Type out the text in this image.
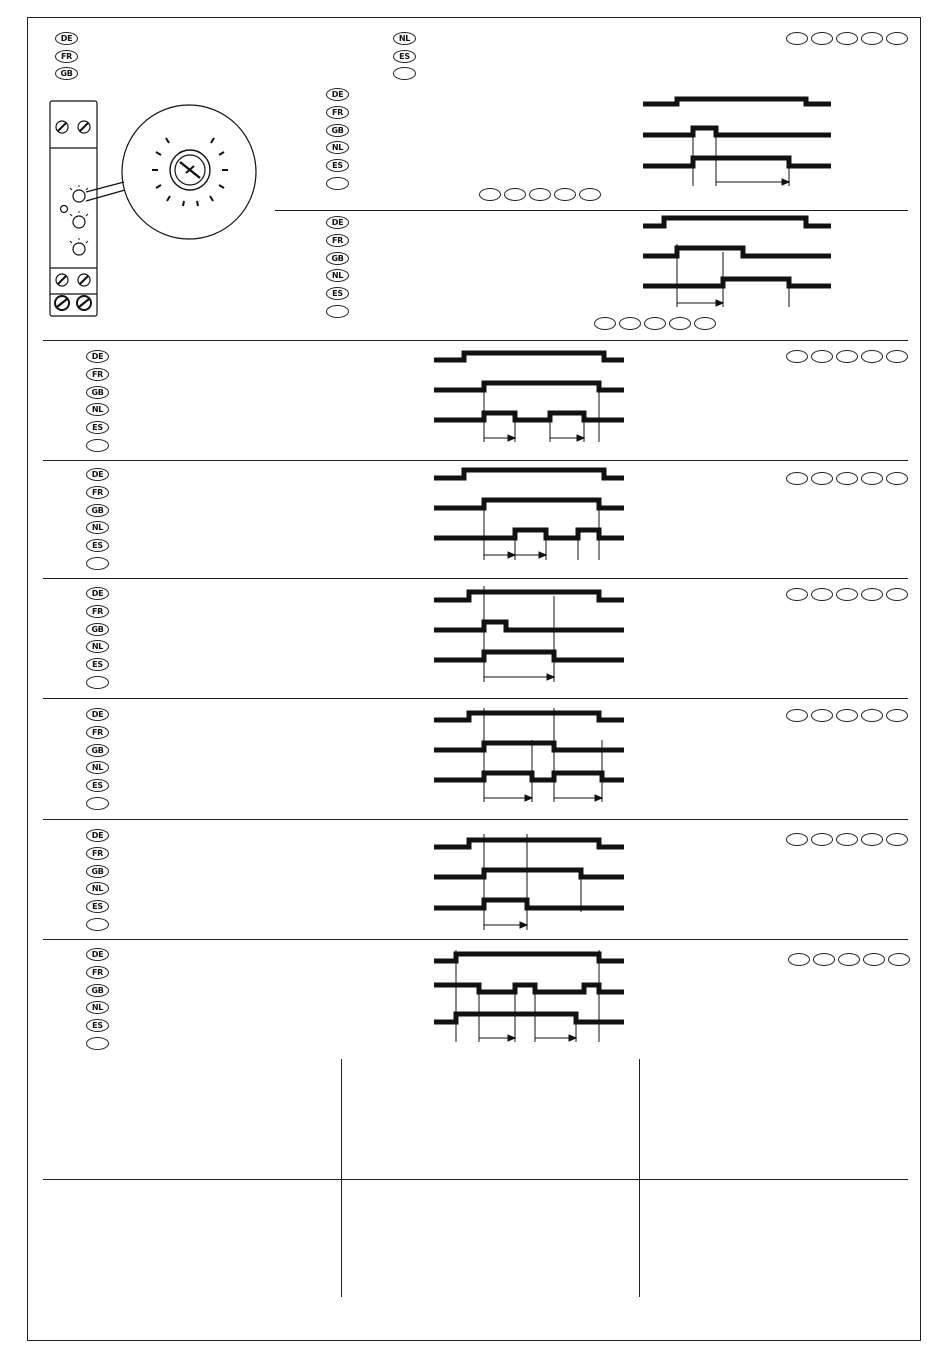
DE
FR
GB
NL
ES
DE
FR
GB
NL
ES
DE
FR
GB
NL
ES
DE
FR
GB
NL
ES
DE
FR
GB
NL
ES
DE
FR
GB
NL
ES
DE
FR
GB
NL
ES
DE
FR
GB
NL
ES
DE
FR
GB
NL
ES
